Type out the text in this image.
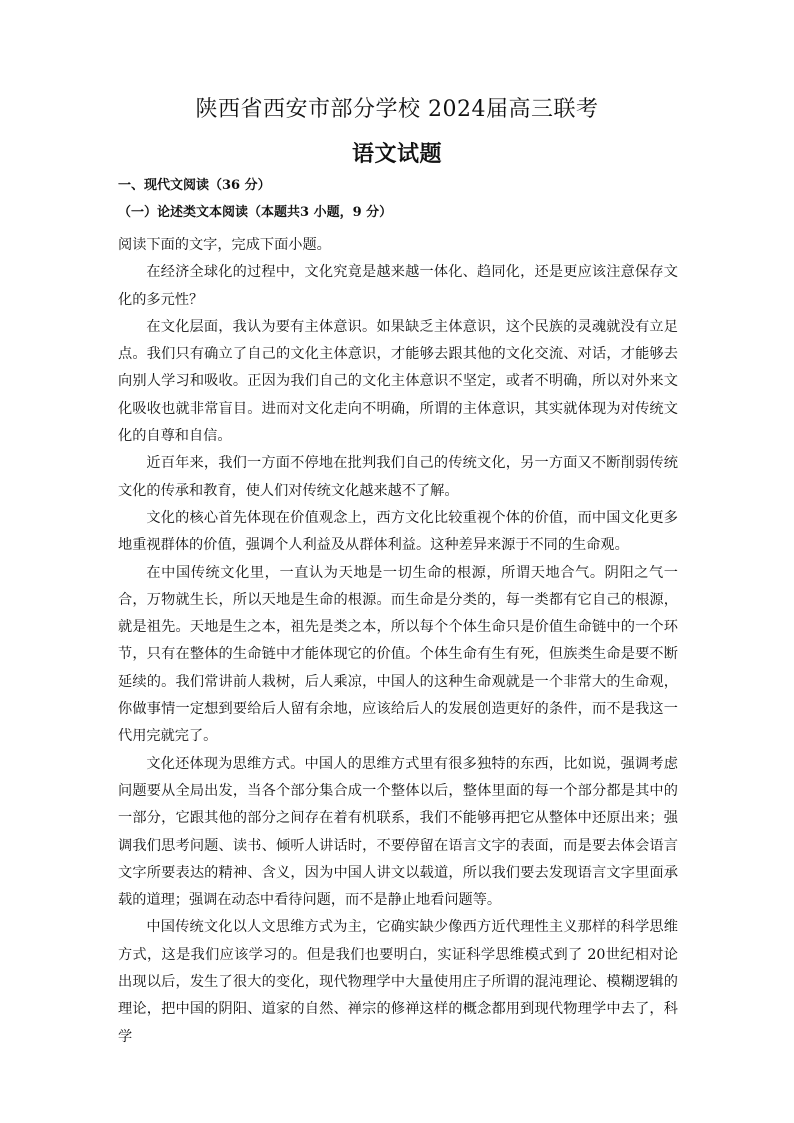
陕西省西安市部分学校 2024届高三联考
语文试题
一、现代文阅读（36 分）
（一）论述类文本阅读（本题共3 小题，9 分）

阅读下面的文字，完成下面小题。

在经济全球化的过程中，文化究竟是越来越一体化、趋同化，还是更应该注意保存文化的多元性？

在文化层面，我认为要有主体意识。如果缺乏主体意识，这个民族的灵魂就没有立足点。我们只有确立了自己的文化主体意识，才能够去跟其他的文化交流、对话，才能够去向别人学习和吸收。正因为我们自己的文化主体意识不坚定，或者不明确，所以对外来文化吸收也就非常盲目。进而对文化走向不明确，所谓的主体意识，其实就体现为对传统文化的自尊和自信。

近百年来，我们一方面不停地在批判我们自己的传统文化，另一方面又不断削弱传统文化的传承和教育，使人们对传统文化越来越不了解。

文化的核心首先体现在价值观念上，西方文化比较重视个体的价值，而中国文化更多地重视群体的价值，强调个人利益及从群体利益。这种差异来源于不同的生命观。

在中国传统文化里，一直认为天地是一切生命的根源，所谓天地合气。阴阳之气一合，万物就生长，所以天地是生命的根源。而生命是分类的，每一类都有它自己的根源，就是祖先。天地是生之本，祖先是类之本，所以每个个体生命只是价值生命链中的一个环节，只有在整体的生命链中才能体现它的价值。个体生命有生有死，但族类生命是要不断延续的。我们常讲前人栽树，后人乘凉，中国人的这种生命观就是一个非常大的生命观，你做事情一定想到要给后人留有余地，应该给后人的发展创造更好的条件，而不是我这一代用完就完了。

文化还体现为思维方式。中国人的思维方式里有很多独特的东西，比如说，强调考虑问题要从全局出发，当各个部分集合成一个整体以后，整体里面的每一个部分都是其中的一部分，它跟其他的部分之间存在着有机联系，我们不能够再把它从整体中还原出来；强调我们思考问题、读书、倾听人讲话时，不要停留在语言文字的表面，而是要去体会语言文字所要表达的精神、含义，因为中国人讲文以载道，所以我们要去发现语言文字里面承载的道理；强调在动态中看待问题，而不是静止地看问题等。

中国传统文化以人文思维方式为主，它确实缺少像西方近代理性主义那样的科学思维方式，这是我们应该学习的。但是我们也要明白，实证科学思维模式到了 20世纪相对论出现以后，发生了很大的变化，现代物理学中大量使用庄子所谓的混沌理论、模糊逻辑的理论，把中国的阴阳、道家的自然、禅宗的修禅这样的概念都用到现代物理学中去了，科学
